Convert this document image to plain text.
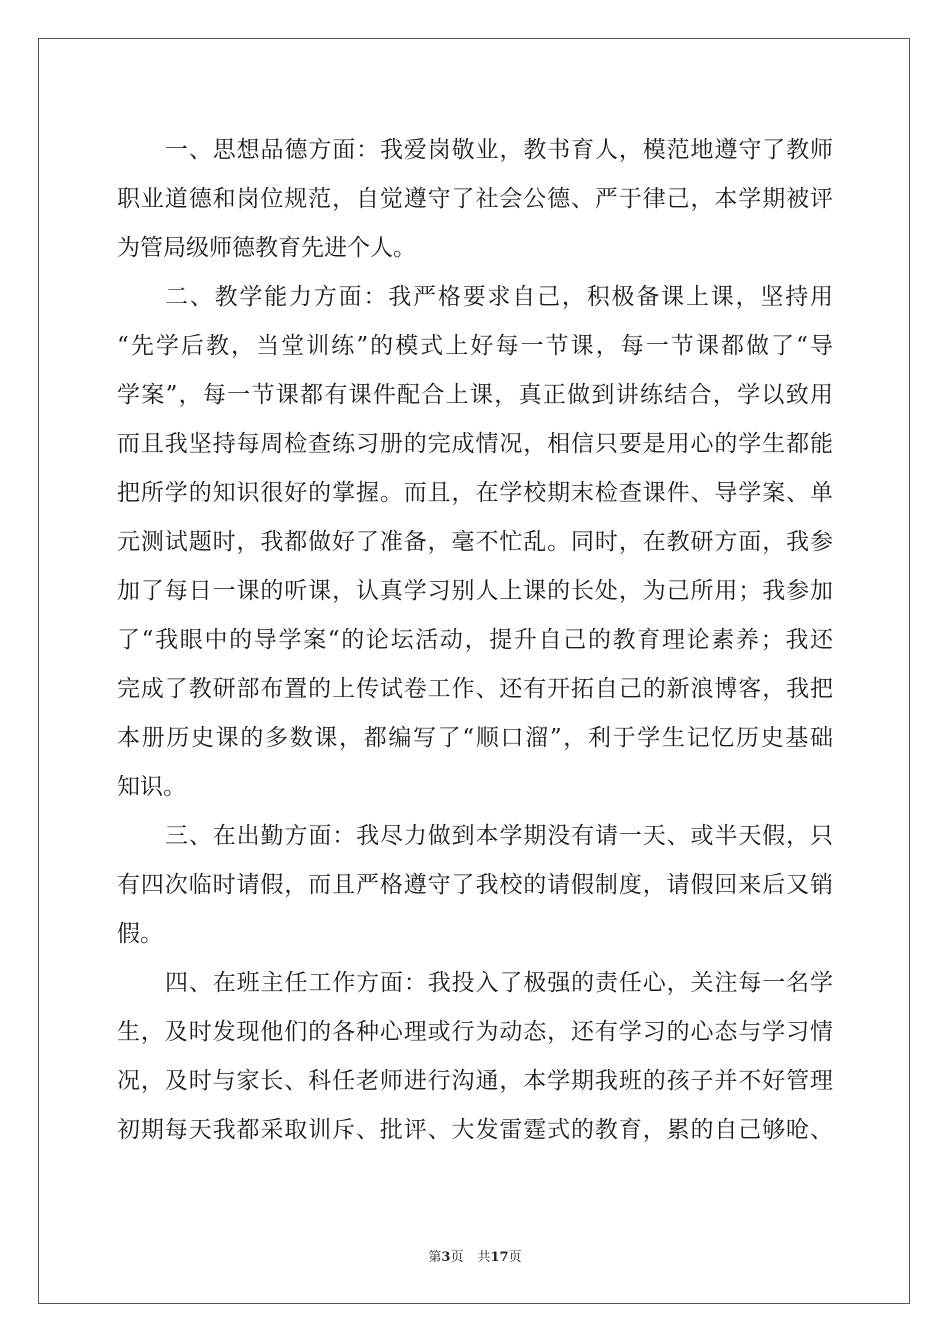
一、思想品德方面：我爱岗敬业，教书育人，模范地遵守了教师
职业道德和岗位规范，自觉遵守了社会公德、严于律己，本学期被评
为管局级师德教育先进个人。
二、教学能力方面：我严格要求自己，积极备课上课，坚持用
“先学后教，当堂训练”的模式上好每一节课，每一节课都做了“导
学案”，每一节课都有课件配合上课，真正做到讲练结合，学以致用
而且我坚持每周检查练习册的完成情况，相信只要是用心的学生都能
把所学的知识很好的掌握。而且，在学校期末检查课件、导学案、单
元测试题时，我都做好了准备，毫不忙乱。同时，在教研方面，我参
加了每日一课的听课，认真学习别人上课的长处，为己所用；我参加
了“我眼中的导学案“的论坛活动，提升自己的教育理论素养；我还
完成了教研部布置的上传试卷工作、还有开拓自己的新浪博客，我把
本册历史课的多数课，都编写了“顺口溜”，利于学生记忆历史基础
知识。
三、在出勤方面：我尽力做到本学期没有请一天、或半天假，只
有四次临时请假，而且严格遵守了我校的请假制度，请假回来后又销
假。
四、在班主任工作方面：我投入了极强的责任心，关注每一名学
生，及时发现他们的各种心理或行为动态，还有学习的心态与学习情
况，及时与家长、科任老师进行沟通，本学期我班的孩子并不好管理
初期每天我都采取训斥、批评、大发雷霆式的教育，累的自己够呛、
第3页 共17页
